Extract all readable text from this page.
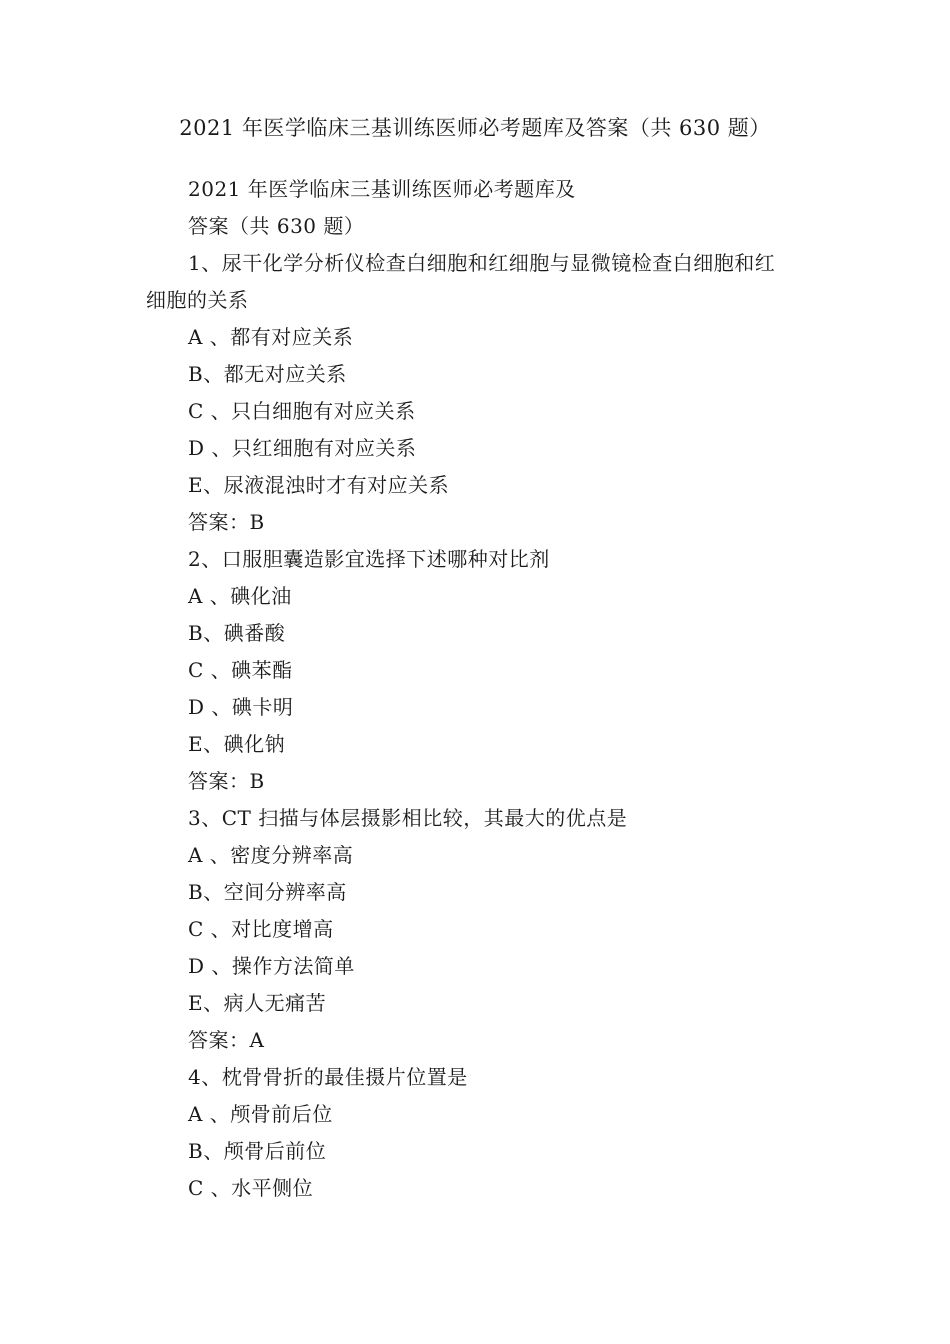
2021 年医学临床三基训练医师必考题库及答案（共 630 题）
2021 年医学临床三基训练医师必考题库及
答案（共 630 题）
1、尿干化学分析仪检查白细胞和红细胞与显微镜检查白细胞和红
细胞的关系
A 、都有对应关系
B、都无对应关系
C 、只白细胞有对应关系
D 、只红细胞有对应关系
E、尿液混浊时才有对应关系
答案：B
2、口服胆囊造影宜选择下述哪种对比剂
A 、碘化油
B、碘番酸
C 、碘苯酯
D 、碘卡明
E、碘化钠
答案：B
3、CT 扫描与体层摄影相比较，其最大的优点是
A 、密度分辨率高
B、空间分辨率高
C 、对比度增高
D 、操作方法简单
E、病人无痛苦
答案：A
4、枕骨骨折的最佳摄片位置是
A 、颅骨前后位
B、颅骨后前位
C 、水平侧位
